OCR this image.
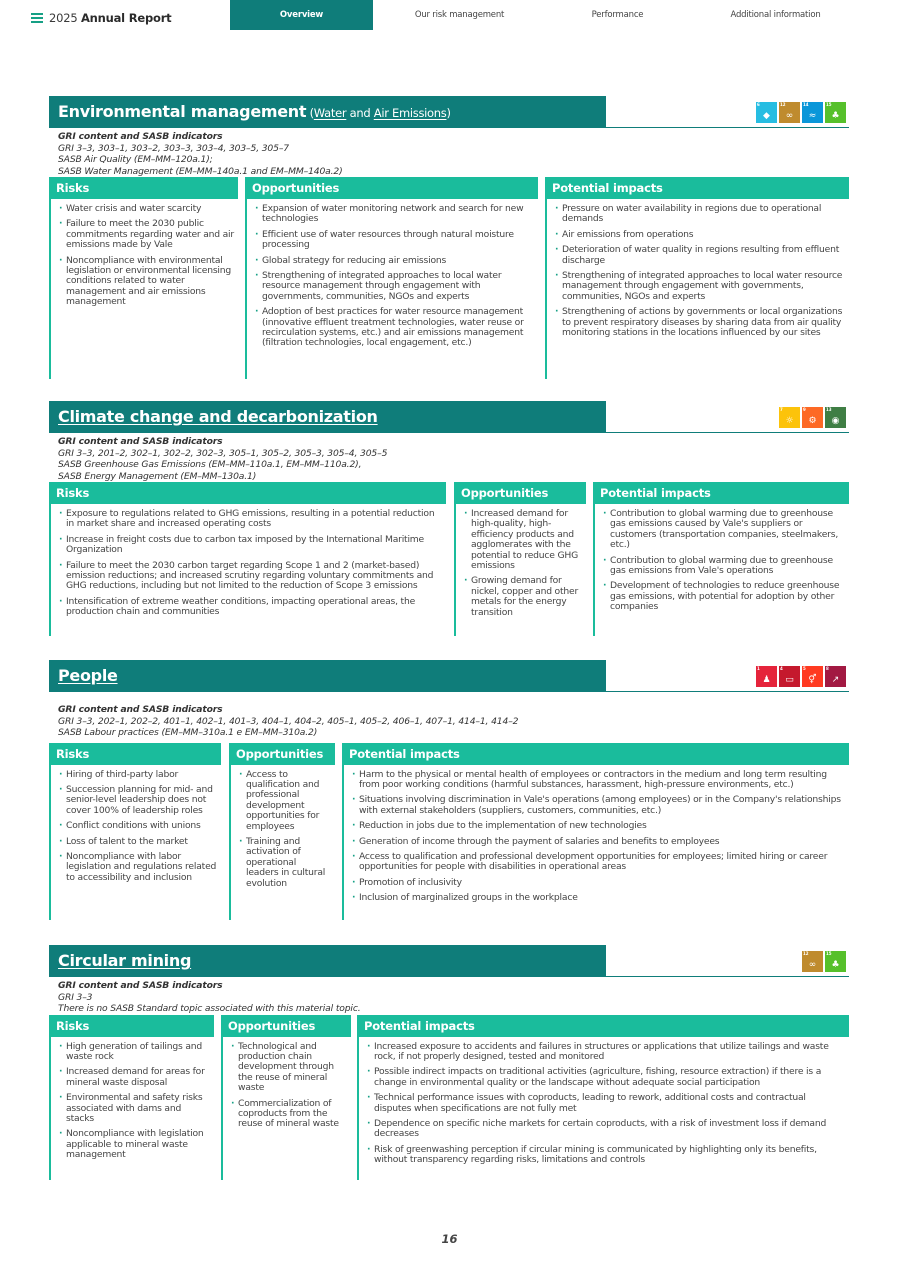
2025 Annual Report	Overview	Our risk management	Performance	Additional information
Environmental management (Water and Air Emissions)
6
◆
12
∞
14
≈
15
♣
GRI content and SASB indicators
GRI 3–3, 303–1, 303–2, 303–3, 303–4, 303–5, 305–7
SASB Air Quality (EM–MM–120a.1);
SASB Water Management (EM–MM–140a.1 and EM–MM–140a.2)
Risks
· Water crisis and water scarcity
· Failure to meet the 2030 public commitments regarding water and air emissions made by Vale
· Noncompliance with environmental legislation or environmental licensing conditions related to water management and air emissions management
Opportunities
· Expansion of water monitoring network and search for new technologies
· Efficient use of water resources through natural moisture processing
· Global strategy for reducing air emissions
· Strengthening of integrated approaches to local water resource management through engagement with governments, communities, NGOs and experts
· Adoption of best practices for water resource management (innovative effluent treatment technologies, water reuse or recirculation systems, etc.) and air emissions management (filtration technologies, local engagement, etc.)
Potential impacts
· Pressure on water availability in regions due to operational demands
· Air emissions from operations
· Deterioration of water quality in regions resulting from effluent discharge
· Strengthening of integrated approaches to local water resource management through engagement with governments, communities, NGOs and experts
· Strengthening of actions by governments or local organizations to prevent respiratory diseases by sharing data from air quality monitoring stations in the locations influenced by our sites
Climate change and decarbonization	7
☼
9
⚙
13
◉
GRI content and SASB indicators
GRI 3–3, 201–2, 302–1, 302–2, 302–3, 305–1, 305–2, 305–3, 305–4, 305–5
SASB Greenhouse Gas Emissions (EM–MM–110a.1, EM–MM–110a.2),
SASB Energy Management (EM–MM–130a.1)
Risks
· Exposure to regulations related to GHG emissions, resulting in a potential reduction in market share and increased operating costs
· Increase in freight costs due to carbon tax imposed by the International Maritime Organization
· Failure to meet the 2030 carbon target regarding Scope 1 and 2 (market-based) emission reductions; and increased scrutiny regarding voluntary commitments and GHG reductions, including but not limited to the reduction of Scope 3 emissions
· Intensification of extreme weather conditions, impacting operational areas, the production chain and communities
Opportunities
· Increased demand for high-quality, high-efficiency products and agglomerates with the potential to reduce GHG emissions
· Growing demand for nickel, copper and other metals for the energy transition
Potential impacts
· Contribution to global warming due to greenhouse gas emissions caused by Vale's suppliers or customers (transportation companies, steelmakers, etc.)
· Contribution to global warming due to greenhouse gas emissions from Vale's operations
· Development of technologies to reduce greenhouse gas emissions, with potential for adoption by other companies
People	1
♟
4
▭
5
⚥
8
↗
GRI content and SASB indicators
GRI 3–3, 202–1, 202–2, 401–1, 402–1, 401–3, 404–1, 404–2, 405–1, 405–2, 406–1, 407–1, 414–1, 414–2
SASB Labour practices (EM–MM–310a.1 e EM–MM–310a.2)
Risks
· Hiring of third-party labor
· Succession planning for mid- and senior-level leadership does not cover 100% of leadership roles
· Conflict conditions with unions
· Loss of talent to the market
· Noncompliance with labor legislation and regulations related to accessibility and inclusion
Opportunities
· Access to qualification and professional development opportunities for employees
· Training and activation of operational leaders in cultural evolution
Potential impacts
· Harm to the physical or mental health of employees or contractors in the medium and long term resulting from poor working conditions (harmful substances, harassment, high-pressure environments, etc.)
· Situations involving discrimination in Vale's operations (among employees) or in the Company's relationships with external stakeholders (suppliers, customers, communities, etc.)
· Reduction in jobs due to the implementation of new technologies
· Generation of income through the payment of salaries and benefits to employees
· Access to qualification and professional development opportunities for employees; limited hiring or career opportunities for people with disabilities in operational areas
· Promotion of inclusivity
· Inclusion of marginalized groups in the workplace
Circular mining	12
∞
15
♣
GRI content and SASB indicators
GRI 3–3
There is no SASB Standard topic associated with this material topic.
Risks
· High generation of tailings and waste rock
· Increased demand for areas for mineral waste disposal
· Environmental and safety risks associated with dams and stacks
· Noncompliance with legislation applicable to mineral waste management
Opportunities
· Technological and production chain development through the reuse of mineral waste
· Commercialization of coproducts from the reuse of mineral waste
Potential impacts
· Increased exposure to accidents and failures in structures or applications that utilize tailings and waste rock, if not properly designed, tested and monitored
· Possible indirect impacts on traditional activities (agriculture, fishing, resource extraction) if there is a change in environmental quality or the landscape without adequate social participation
· Technical performance issues with coproducts, leading to rework, additional costs and contractual disputes when specifications are not fully met
· Dependence on specific niche markets for certain coproducts, with a risk of investment loss if demand decreases
· Risk of greenwashing perception if circular mining is communicated by highlighting only its benefits, without transparency regarding risks, limitations and controls
16
